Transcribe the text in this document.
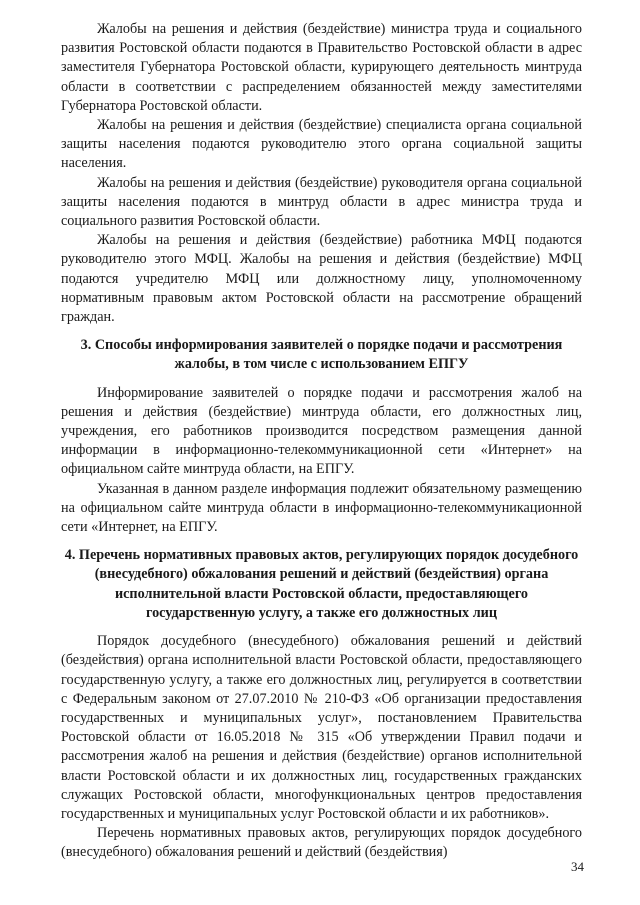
Жалобы на решения и действия (бездействие) министра труда и социального развития Ростовской области подаются в Правительство Ростовской области в адрес заместителя Губернатора Ростовской области, курирующего деятельность минтруда области в соответствии с распределением обязанностей между заместителями Губернатора Ростовской области.

Жалобы на решения и действия (бездействие) специалиста органа социальной защиты населения подаются руководителю этого органа социальной защиты населения.

Жалобы на решения и действия (бездействие) руководителя органа социальной защиты населения подаются в минтруд области в адрес министра труда и социального развития Ростовской области.

Жалобы на решения и действия (бездействие) работника МФЦ подаются руководителю этого МФЦ. Жалобы на решения и действия (бездействие) МФЦ подаются учредителю МФЦ или должностному лицу, уполномоченному нормативным правовым актом Ростовской области на рассмотрение обращений граждан.

3. Способы информирования заявителей о порядке подачи и рассмотрения жалобы, в том числе с использованием ЕПГУ

Информирование заявителей о порядке подачи и рассмотрения жалоб на решения и действия (бездействие) минтруда области, его должностных лиц, учреждения, его работников производится посредством размещения данной информации в информационно-телекоммуникационной сети «Интернет» на официальном сайте минтруда области, на ЕПГУ.

Указанная в данном разделе информация подлежит обязательному размещению на официальном сайте минтруда области в информационно-телекоммуникационной сети «Интернет, на ЕПГУ.

4. Перечень нормативных правовых актов, регулирующих порядок досудебного (внесудебного) обжалования решений и действий (бездействия) органа исполнительной власти Ростовской области, предоставляющего государственную услугу, а также его должностных лиц

Порядок досудебного (внесудебного) обжалования решений и действий (бездействия) органа исполнительной власти Ростовской области, предоставляющего государственную услугу, а также его должностных лиц, регулируется в соответствии с Федеральным законом от 27.07.2010 № 210-ФЗ «Об организации предоставления государственных и муниципальных услуг», постановлением Правительства Ростовской области от 16.05.2018 № 315 «Об утверждении Правил подачи и рассмотрения жалоб на решения и действия (бездействие) органов исполнительной власти Ростовской области и их должностных лиц, государственных гражданских служащих Ростовской области, многофункциональных центров предоставления государственных и муниципальных услуг Ростовской области и их работников».

Перечень нормативных правовых актов, регулирующих порядок досудебного (внесудебного) обжалования решений и действий (бездействия)

34
